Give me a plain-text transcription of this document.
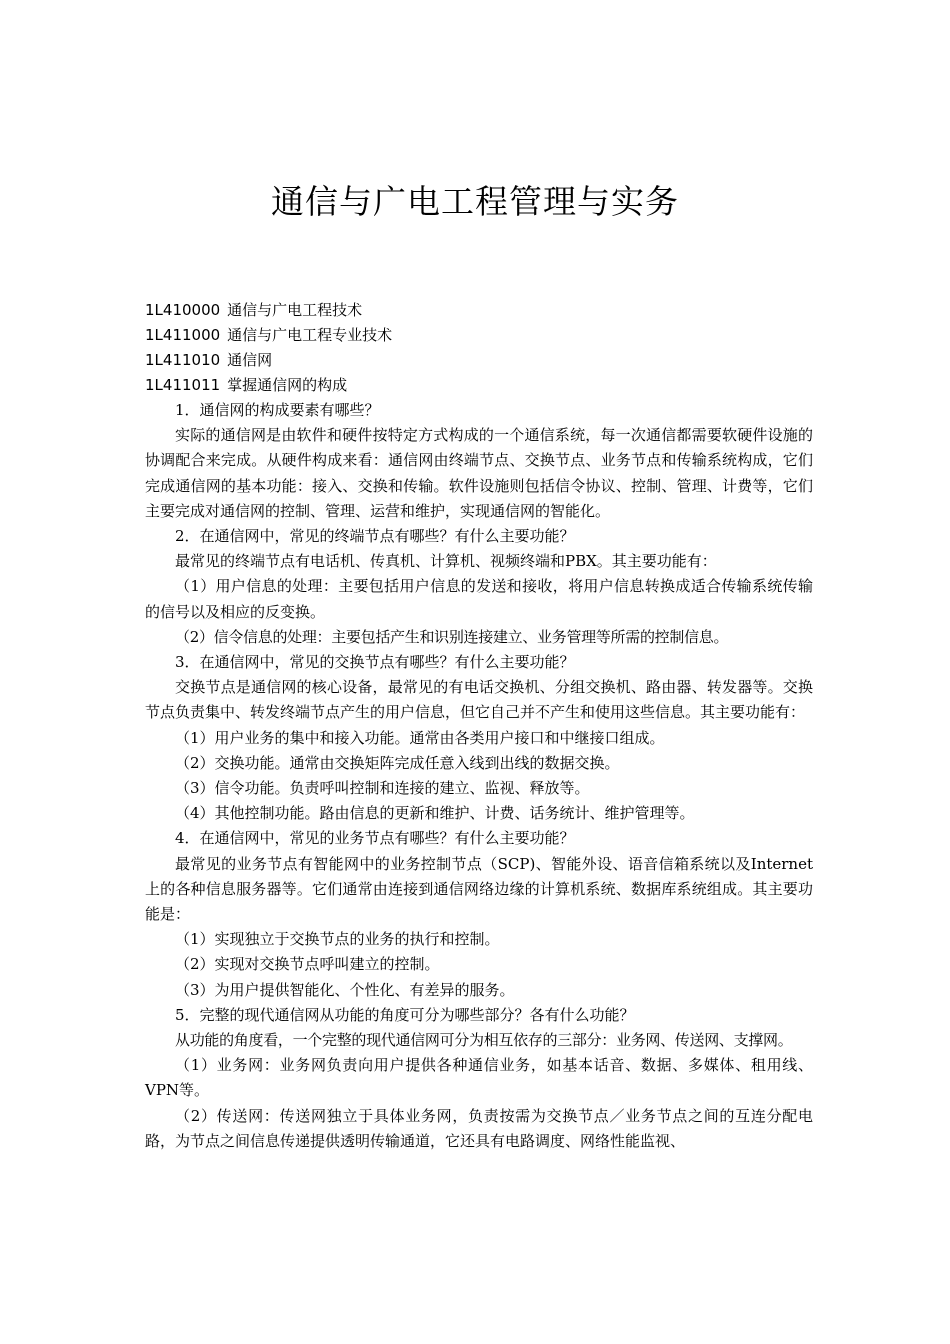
通信与广电工程管理与实务
1L410000 通信与广电工程技术
1L411000 通信与广电工程专业技术
1L411010 通信网
1L411011 掌握通信网的构成

1．通信网的构成要素有哪些？

实际的通信网是由软件和硬件按特定方式构成的一个通信系统，每一次通信都需要软硬件设施的协调配合来完成。从硬件构成来看：通信网由终端节点、交换节点、业务节点和传输系统构成，它们完成通信网的基本功能：接入、交换和传输。软件设施则包括信令协议、控制、管理、计费等，它们主要完成对通信网的控制、管理、运营和维护，实现通信网的智能化。

2．在通信网中，常见的终端节点有哪些？有什么主要功能？

最常见的终端节点有电话机、传真机、计算机、视频终端和PBX。其主要功能有：

（1）用户信息的处理：主要包括用户信息的发送和接收，将用户信息转换成适合传输系统传输的信号以及相应的反变换。

（2）信令信息的处理：主要包括产生和识别连接建立、业务管理等所需的控制信息。

3．在通信网中，常见的交换节点有哪些？有什么主要功能？

交换节点是通信网的核心设备，最常见的有电话交换机、分组交换机、路由器、转发器等。交换节点负责集中、转发终端节点产生的用户信息，但它自己并不产生和使用这些信息。其主要功能有：

（1）用户业务的集中和接入功能。通常由各类用户接口和中继接口组成。

（2）交换功能。通常由交换矩阵完成任意入线到出线的数据交换。

（3）信令功能。负责呼叫控制和连接的建立、监视、释放等。

（4）其他控制功能。路由信息的更新和维护、计费、话务统计、维护管理等。

4．在通信网中，常见的业务节点有哪些？有什么主要功能？

最常见的业务节点有智能网中的业务控制节点（SCP)、智能外设、语音信箱系统以及Internet上的各种信息服务器等。它们通常由连接到通信网络边缘的计算机系统、数据库系统组成。其主要功能是：

（1）实现独立于交换节点的业务的执行和控制。

（2）实现对交换节点呼叫建立的控制。

（3）为用户提供智能化、个性化、有差异的服务。

5．完整的现代通信网从功能的角度可分为哪些部分？各有什么功能？

从功能的角度看，一个完整的现代通信网可分为相互依存的三部分：业务网、传送网、支撑网。

（1）业务网：业务网负责向用户提供各种通信业务，如基本话音、数据、多媒体、租用线、VPN等。

（2）传送网：传送网独立于具体业务网，负责按需为交换节点／业务节点之间的互连分配电路，为节点之间信息传递提供透明传输通道，它还具有电路调度、网络性能监视、
